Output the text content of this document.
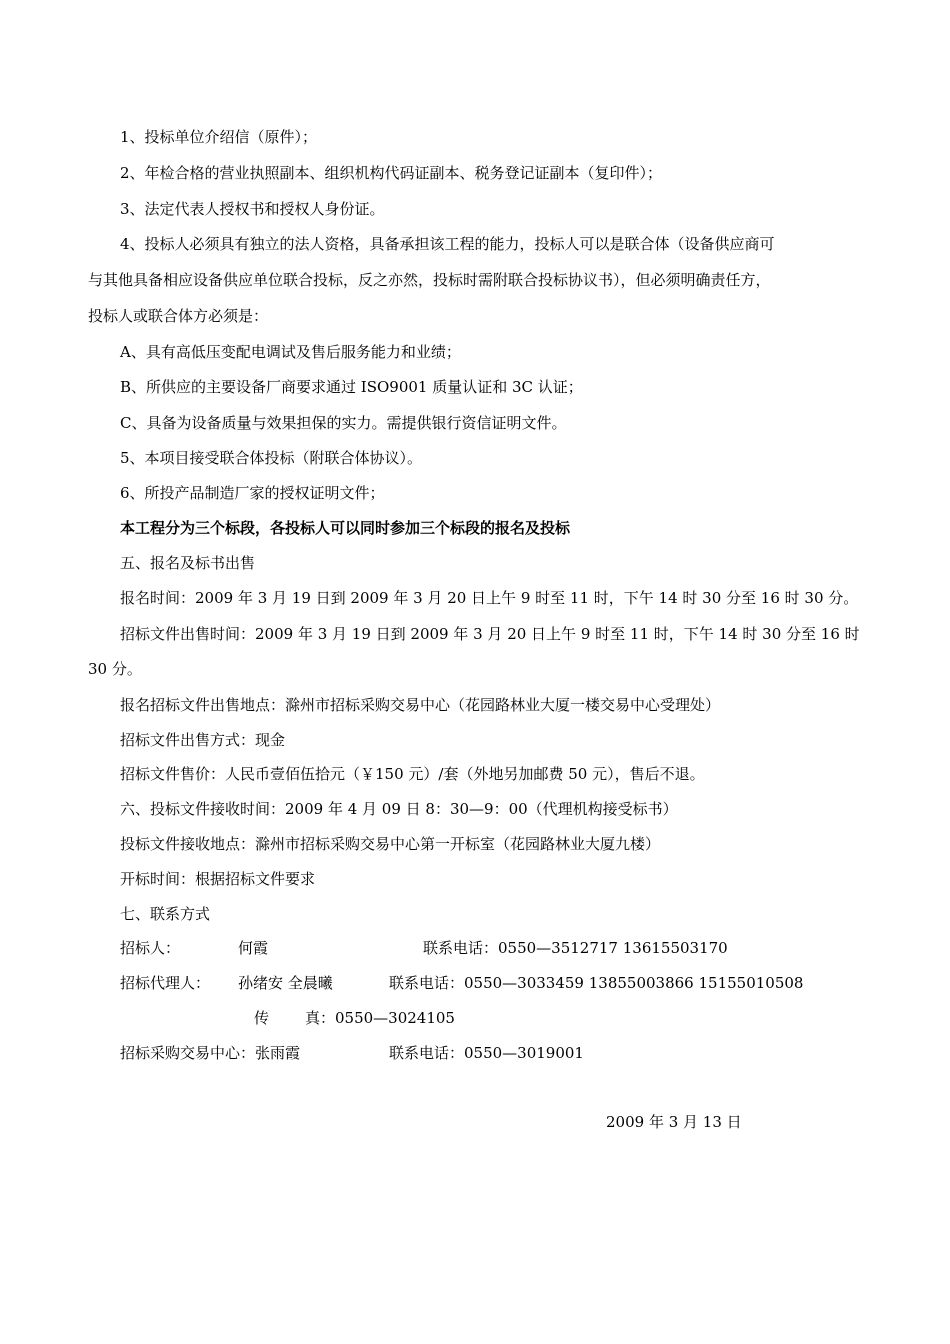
1、投标单位介绍信（原件）；
2、年检合格的营业执照副本、组织机构代码证副本、税务登记证副本（复印件）；
3、法定代表人授权书和授权人身份证。
4、投标人必须具有独立的法人资格，具备承担该工程的能力，投标人可以是联合体（设备供应商可
与其他具备相应设备供应单位联合投标，反之亦然，投标时需附联合投标协议书），但必须明确责任方，
投标人或联合体方必须是：
A、具有高低压变配电调试及售后服务能力和业绩；
B、所供应的主要设备厂商要求通过 ISO9001 质量认证和 3C 认证；
C、具备为设备质量与效果担保的实力。需提供银行资信证明文件。
5、本项目接受联合体投标（附联合体协议）。
6、所投产品制造厂家的授权证明文件；
本工程分为三个标段，各投标人可以同时参加三个标段的报名及投标
五、报名及标书出售
报名时间：2009 年 3 月 19 日到 2009 年 3 月 20 日上午 9 时至 11 时，下午 14 时 30 分至 16 时 30 分。
招标文件出售时间：2009 年 3 月 19 日到 2009 年 3 月 20 日上午 9 时至 11 时，下午 14 时 30 分至 16 时
30 分。
报名招标文件出售地点：滁州市招标采购交易中心（花园路林业大厦一楼交易中心受理处）
招标文件出售方式：现金
招标文件售价：人民币壹佰伍拾元（￥150 元）/套（外地另加邮费 50 元），售后不退。
六、投标文件接收时间：2009 年 4 月 09 日 8：30—9：00（代理机构接受标书）
投标文件接收地点：滁州市招标采购交易中心第一开标室（花园路林业大厦九楼）
开标时间：根据招标文件要求
七、联系方式
招标人：	何霞	联系电话：0550—3512717 13615503170
招标代理人： 孙绪安 全晨曦	联系电话：0550—3033459 13855003866 15155010508
传 真：0550—3024105
招标采购交易中心：张雨霞	联系电话：0550—3019001
2009 年 3 月 13 日
